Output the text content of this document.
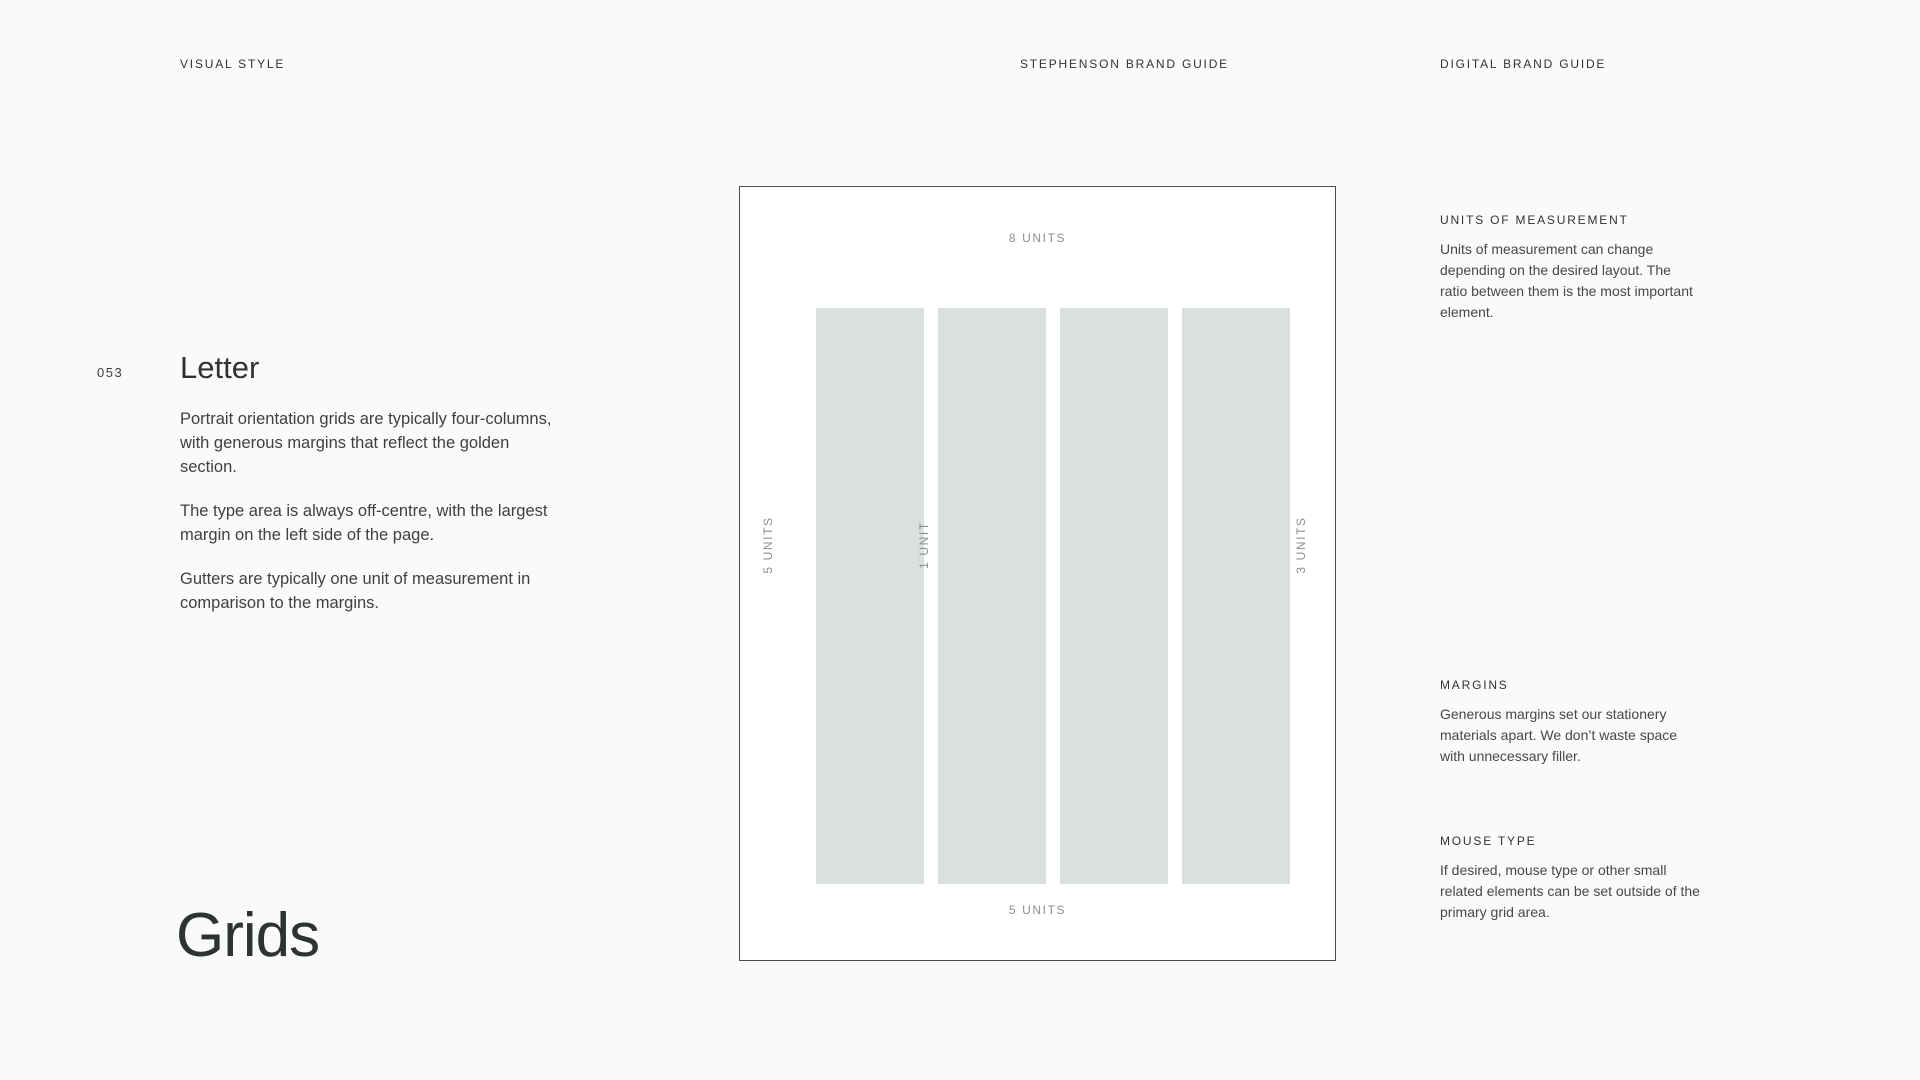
VISUAL STYLE	STEPHENSON BRAND GUIDE	DIGITAL BRAND GUIDE
053 Letter

Portrait orientation grids are typically four-columns, with generous margins that reflect the golden section.

The type area is always off-centre, with the largest margin on the left side of the page.

Gutters are typically one unit of measurement in comparison to the margins.

Grids
8 UNITS
5 UNITS	1 UNIT	3 UNITS
5 UNITS
UNITS OF MEASUREMENT
Units of measurement can change depending on the desired layout. The ratio between them is the most important element.
MARGINS
Generous margins set our stationery materials apart. We don’t waste space with unnecessary filler.
MOUSE TYPE
If desired, mouse type or other small related elements can be set outside of the primary grid area.
